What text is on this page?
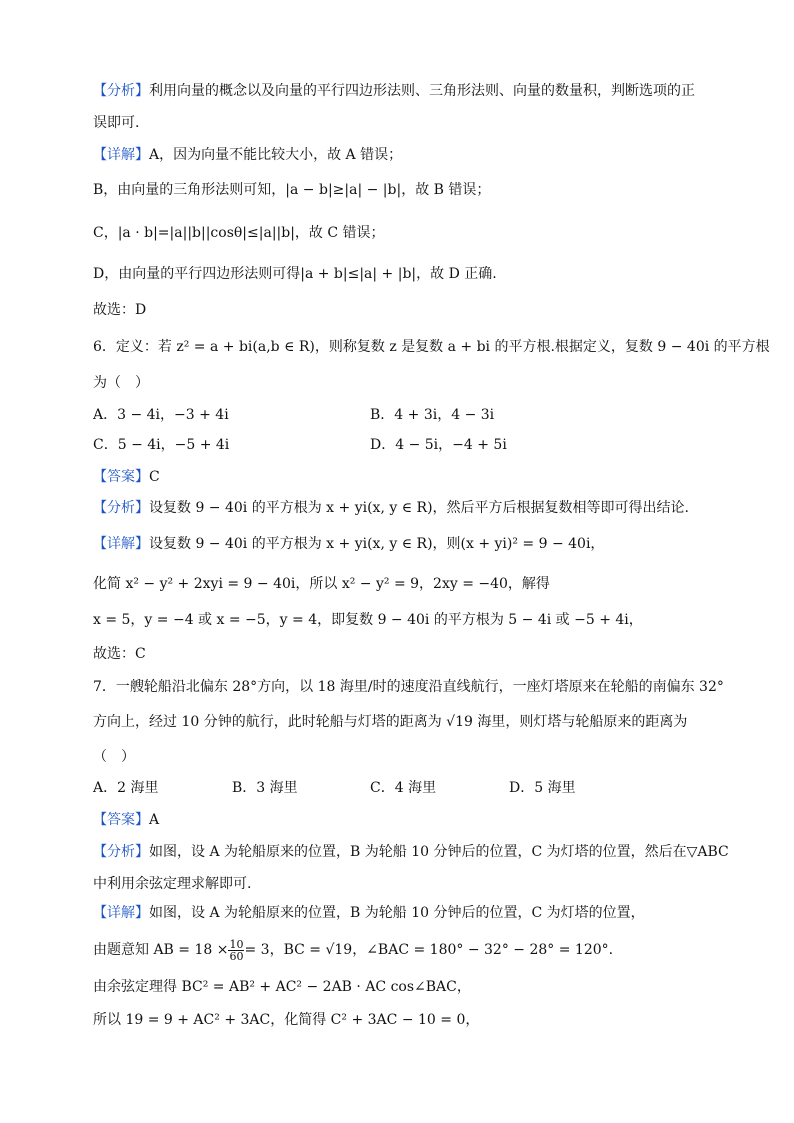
【分析】利用向量的概念以及向量的平行四边形法则、三角形法则、向量的数量积，判断选项的正
误即可.
【详解】A，因为向量不能比较大小，故 A 错误；
B，由向量的三角形法则可知，|a − b|≥|a| − |b|，故 B 错误；
C，|a · b|=|a||b||cosθ|≤|a||b|，故 C 错误；
D，由向量的平行四边形法则可得|a + b|≤|a| + |b|，故 D 正确.
故选：D
6．定义：若 z² = a + bi(a,b ∈ R)，则称复数 z 是复数 a + bi 的平方根.根据定义，复数 9 − 40i 的平方根
为（　）
A．3 − 4i，−3 + 4i	B．4 + 3i，4 − 3i
C．5 − 4i，−5 + 4i	D．4 − 5i，−4 + 5i
【答案】C
【分析】设复数 9 − 40i 的平方根为 x + yi(x, y ∈ R)，然后平方后根据复数相等即可得出结论.
【详解】设复数 9 − 40i 的平方根为 x + yi(x, y ∈ R)，则(x + yi)² = 9 − 40i，
化简 x² − y² + 2xyi = 9 − 40i，所以 x² − y² = 9，2xy = −40，解得
x = 5，y = −4 或 x = −5，y = 4，即复数 9 − 40i 的平方根为 5 − 4i 或 −5 + 4i，
故选：C
7．一艘轮船沿北偏东 28°方向，以 18 海里/时的速度沿直线航行，一座灯塔原来在轮船的南偏东 32°
方向上，经过 10 分钟的航行，此时轮船与灯塔的距离为 √19 海里，则灯塔与轮船原来的距离为
（　）
A．2 海里	B．3 海里	C．4 海里	D．5 海里
【答案】A
【分析】如图，设 A 为轮船原来的位置，B 为轮船 10 分钟后的位置，C 为灯塔的位置，然后在▽ABC
中利用余弦定理求解即可.
【详解】如图，设 A 为轮船原来的位置，B 为轮船 10 分钟后的位置，C 为灯塔的位置，
由题意知 AB = $18 \times \frac{10}{60} = 3$，BC = √19，∠BAC = 180° − 32° − 28° = 120°.
由余弦定理得 BC² = AB² + AC² − 2AB · AC cos∠BAC，
所以 19 = 9 + AC² + 3AC，化简得 C² + 3AC − 10 = 0，
